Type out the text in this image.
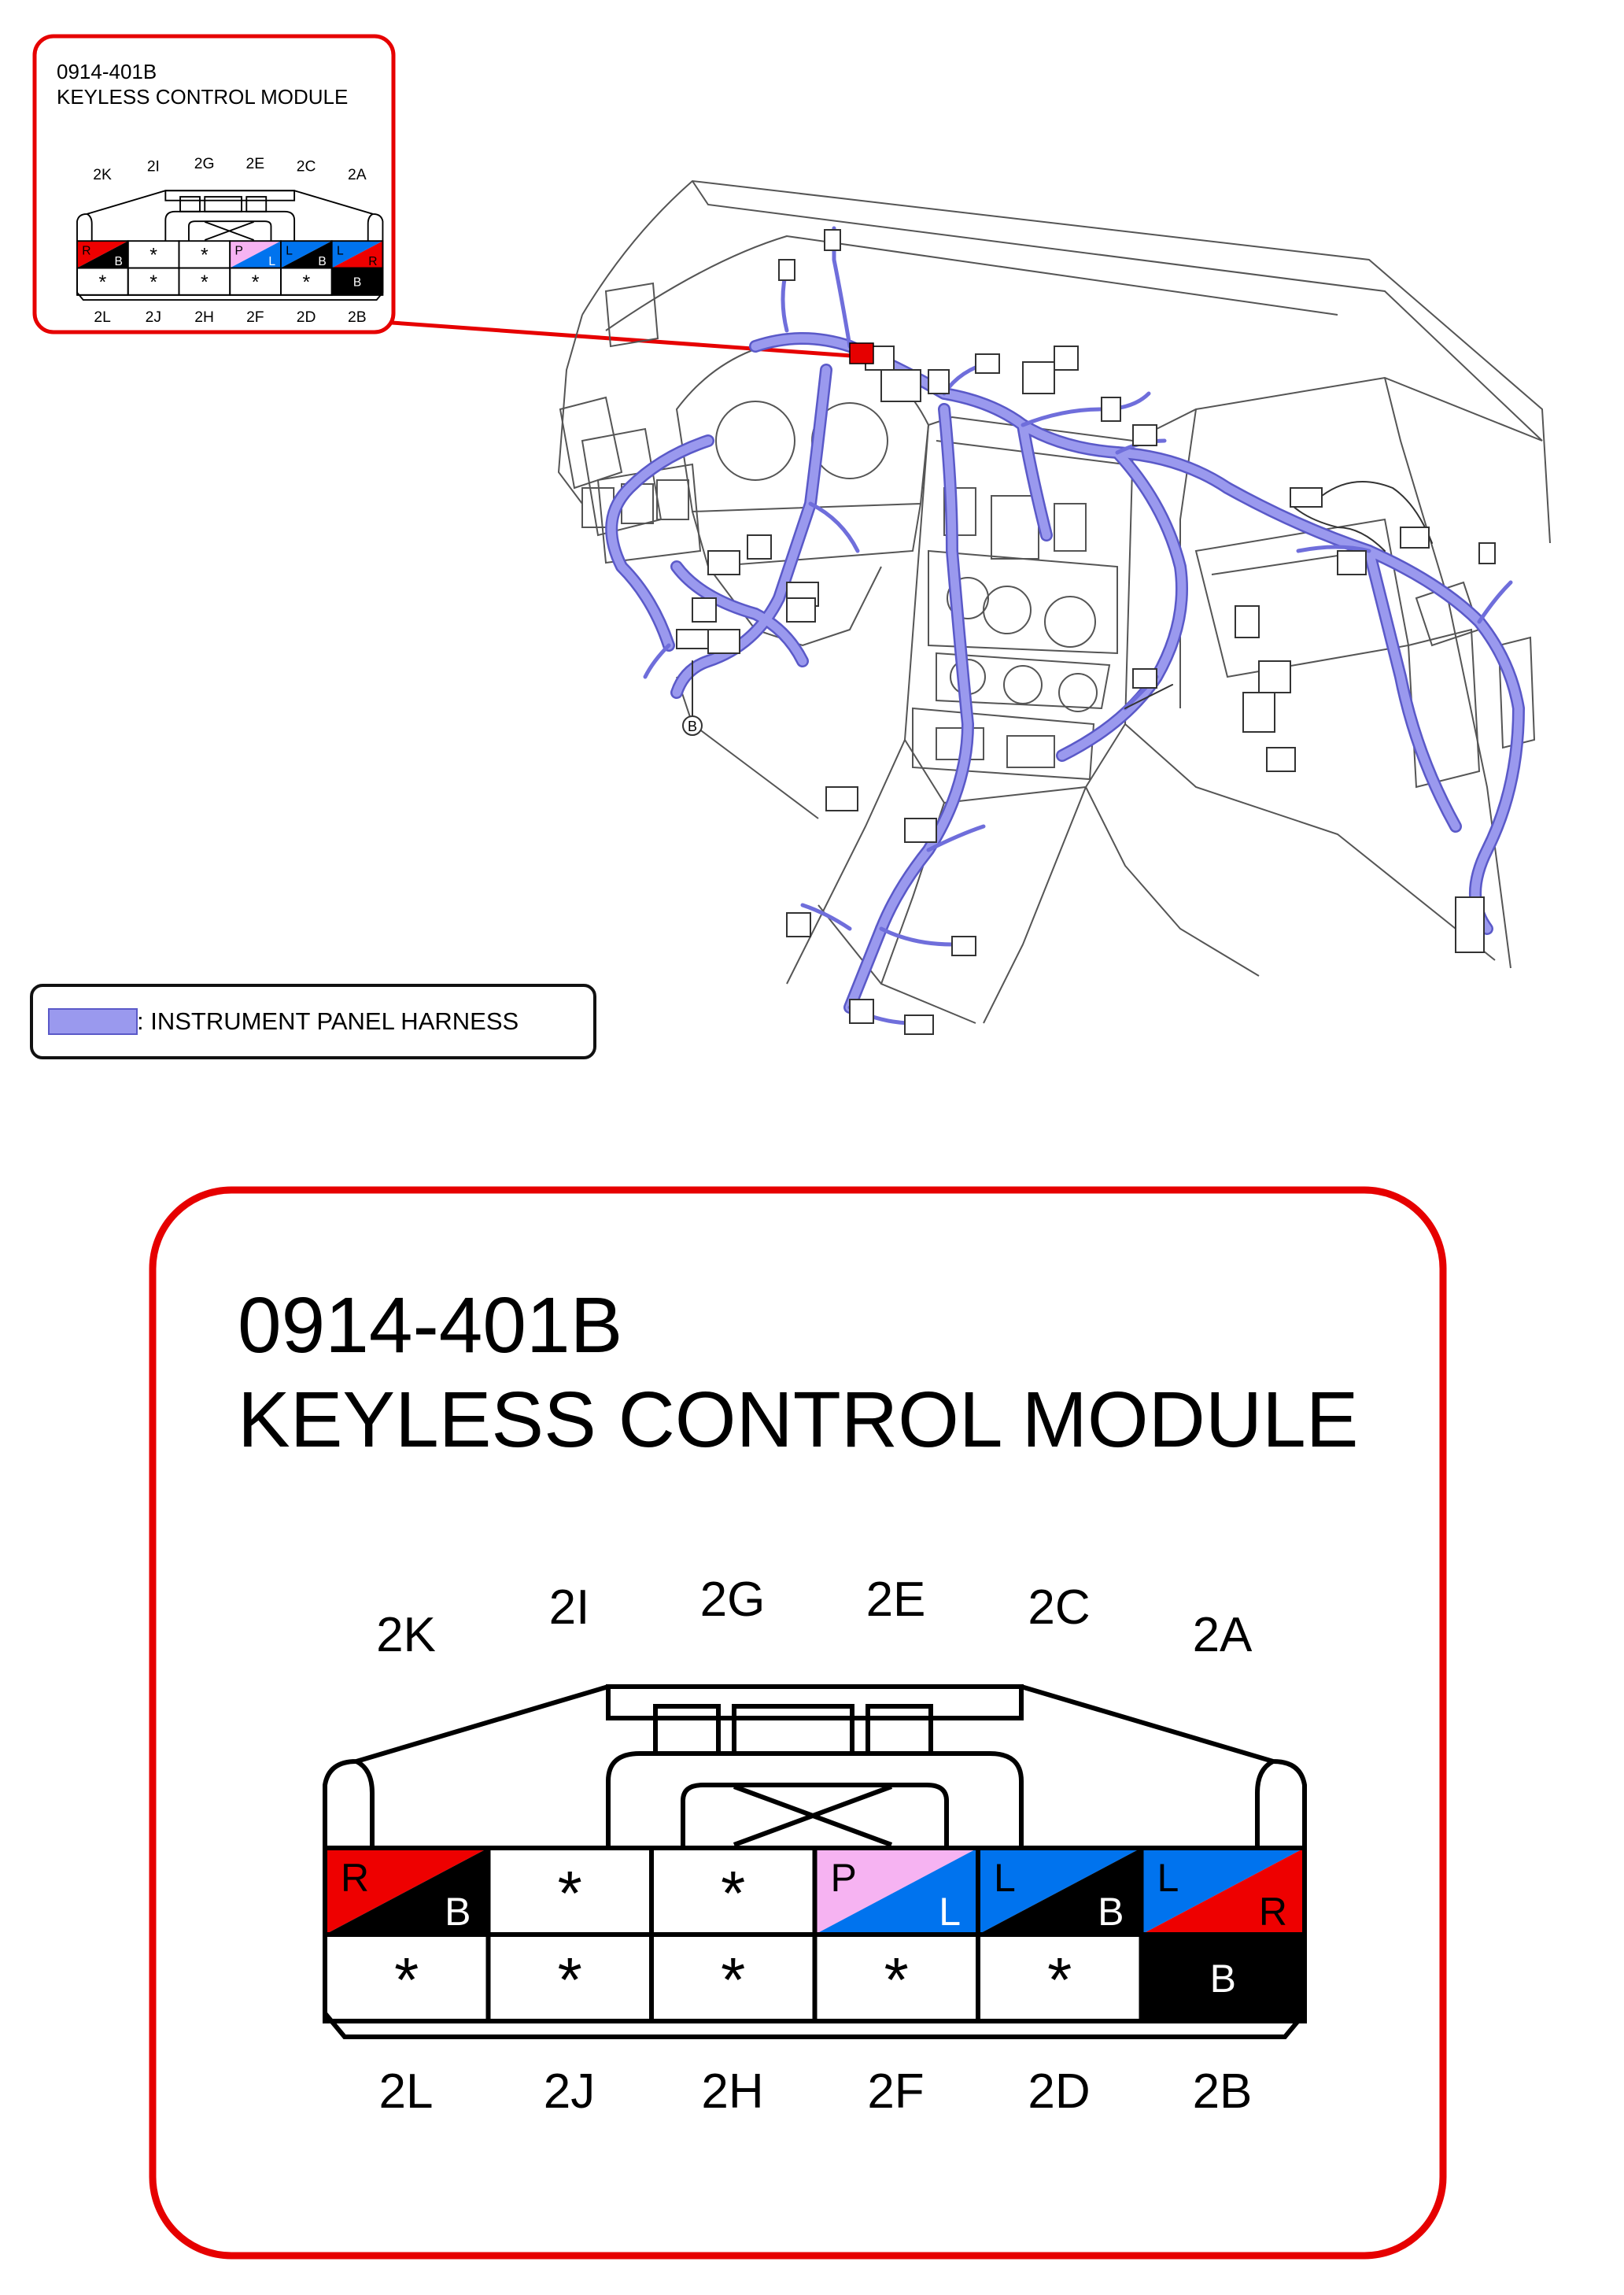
0914-401B
KEYLESS CONTROL MODULE
R
B * * P
L
L
B
L
R
* * * * *	B
2K 2I 2G 2E 2C 2A
2L 2J 2H 2F 2D 2B
B
: INSTRUMENT PANEL HARNESS
0914-401B
KEYLESS CONTROL MODULE
R
B * * P
L
L
B
L
R
* * * * *	B
2K
2I 2G 2E 2C
2A
2L 2J 2H 2F 2D 2B
